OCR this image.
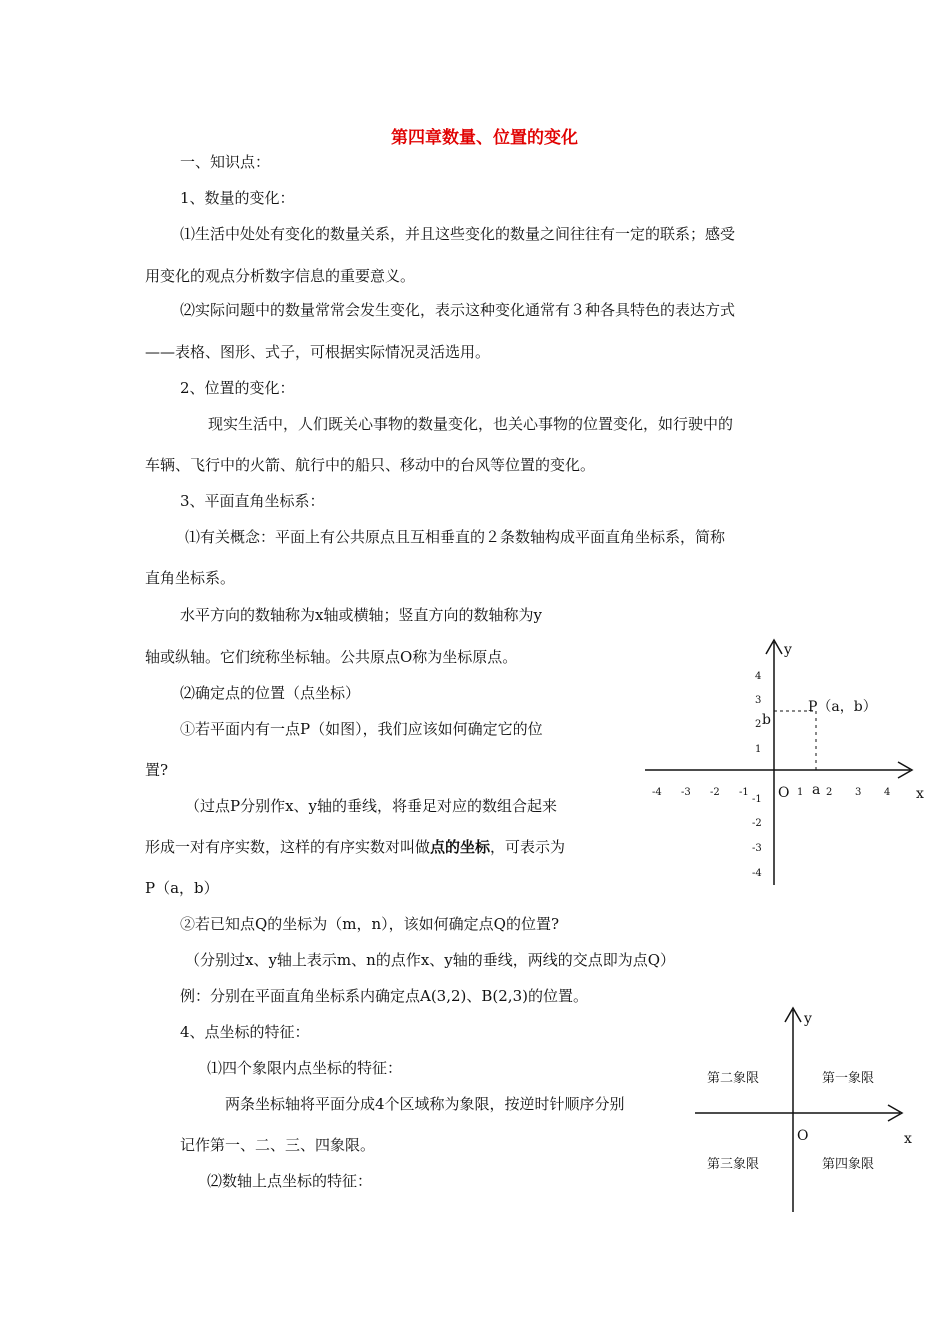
第四章数量、位置的变化
一、知识点：
1、数量的变化：
⑴生活中处处有变化的数量关系，并且这些变化的数量之间往往有一定的联系；感受
用变化的观点分析数字信息的重要意义。
⑵实际问题中的数量常常会发生变化，表示这种变化通常有３种各具特色的表达方式
——表格、图形、式子，可根据实际情况灵活选用。
2、位置的变化：
现实生活中，人们既关心事物的数量变化，也关心事物的位置变化，如行驶中的
车辆、飞行中的火箭、航行中的船只、移动中的台风等位置的变化。
3、平面直角坐标系：
⑴有关概念：平面上有公共原点且互相垂直的２条数轴构成平面直角坐标系，简称
直角坐标系。
水平方向的数轴称为x轴或横轴；竖直方向的数轴称为y
轴或纵轴。它们统称坐标轴。公共原点O称为坐标原点。
⑵确定点的位置（点坐标）
①若平面内有一点P（如图），我们应该如何确定它的位
置?
（过点P分别作x、y轴的垂线，将垂足对应的数组合起来
形成一对有序实数，这样的有序实数对叫做点的坐标，可表示为
P（a，b）
②若已知点Q的坐标为（m，n），该如何确定点Q的位置?
（分别过x、y轴上表示m、n的点作x、y轴的垂线，两线的交点即为点Q）
例：分别在平面直角坐标系内确定点A(3,2)、B(2,3)的位置。
4、点坐标的特征：
⑴四个象限内点坐标的特征：
两条坐标轴将平面分成4个区域称为象限，按逆时针顺序分别
记作第一、二、三、四象限。
⑵数轴上点坐标的特征：
y
x
O
-4 -3 -2 -1	1 2 3 4
4
3
2
1
-1
-2
-3
-4
P（a，b）
b
a
y
x
O
第二象限	第一象限
第三象限	第四象限
